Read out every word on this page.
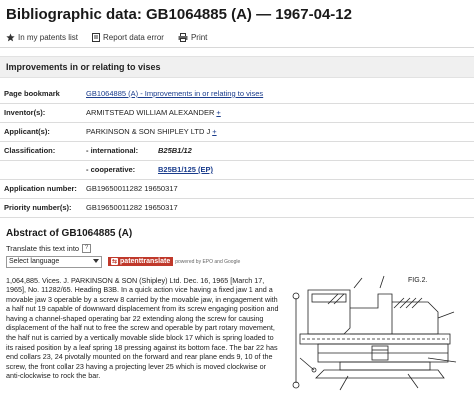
Bibliographic data: GB1064885 (A) — 1967-04-12
In my patents list	Report data error	Print
Improvements in or relating to vises
Page bookmark	GB1064885 (A) - Improvements in or relating to vises
Inventor(s):	ARMITSTEAD WILLIAM ALEXANDER +
Applicant(s):	PARKINSON & SON SHIPLEY LTD J +
Classification:	- international: B25B1/12
	- cooperative: B25B1/125 (EP)
Application number:	GB19650011282 19650317
Priority number(s):	GB19650011282 19650317
Abstract of GB1064885 (A)
Translate this text into ?
Select language	⇆ patenttranslate powered by EPO and Google
1,064,885. Vices. J. PARKINSON & SON (Shipley) Ltd. Dec. 16, 1965 [March 17, 1965], No. 11282/65. Heading B3B. In a quick action vice having a fixed jaw 1 and a movable jaw 3 operable by a screw 8 carried by the movable jaw, in engagement with a half nut 19 capable of downward displacement from its screw engaging position and having a channel-shaped operating bar 22 extending along the screw for causing displacement of the half nut to free the screw and operable by part rotary movement, the half nut is carried by a vertically movable slide block 17 which is spring loaded to its raised position by a leaf spring 18 pressing against its bottom face. The bar 22 has end collars 23, 24 pivotally mounted on the forward and rear plane ends 9, 10 of the screw, the front collar 23 having a projecting lever 25 which is moved clockwise or anti-clockwise to rock the bar.
FIG.2.
